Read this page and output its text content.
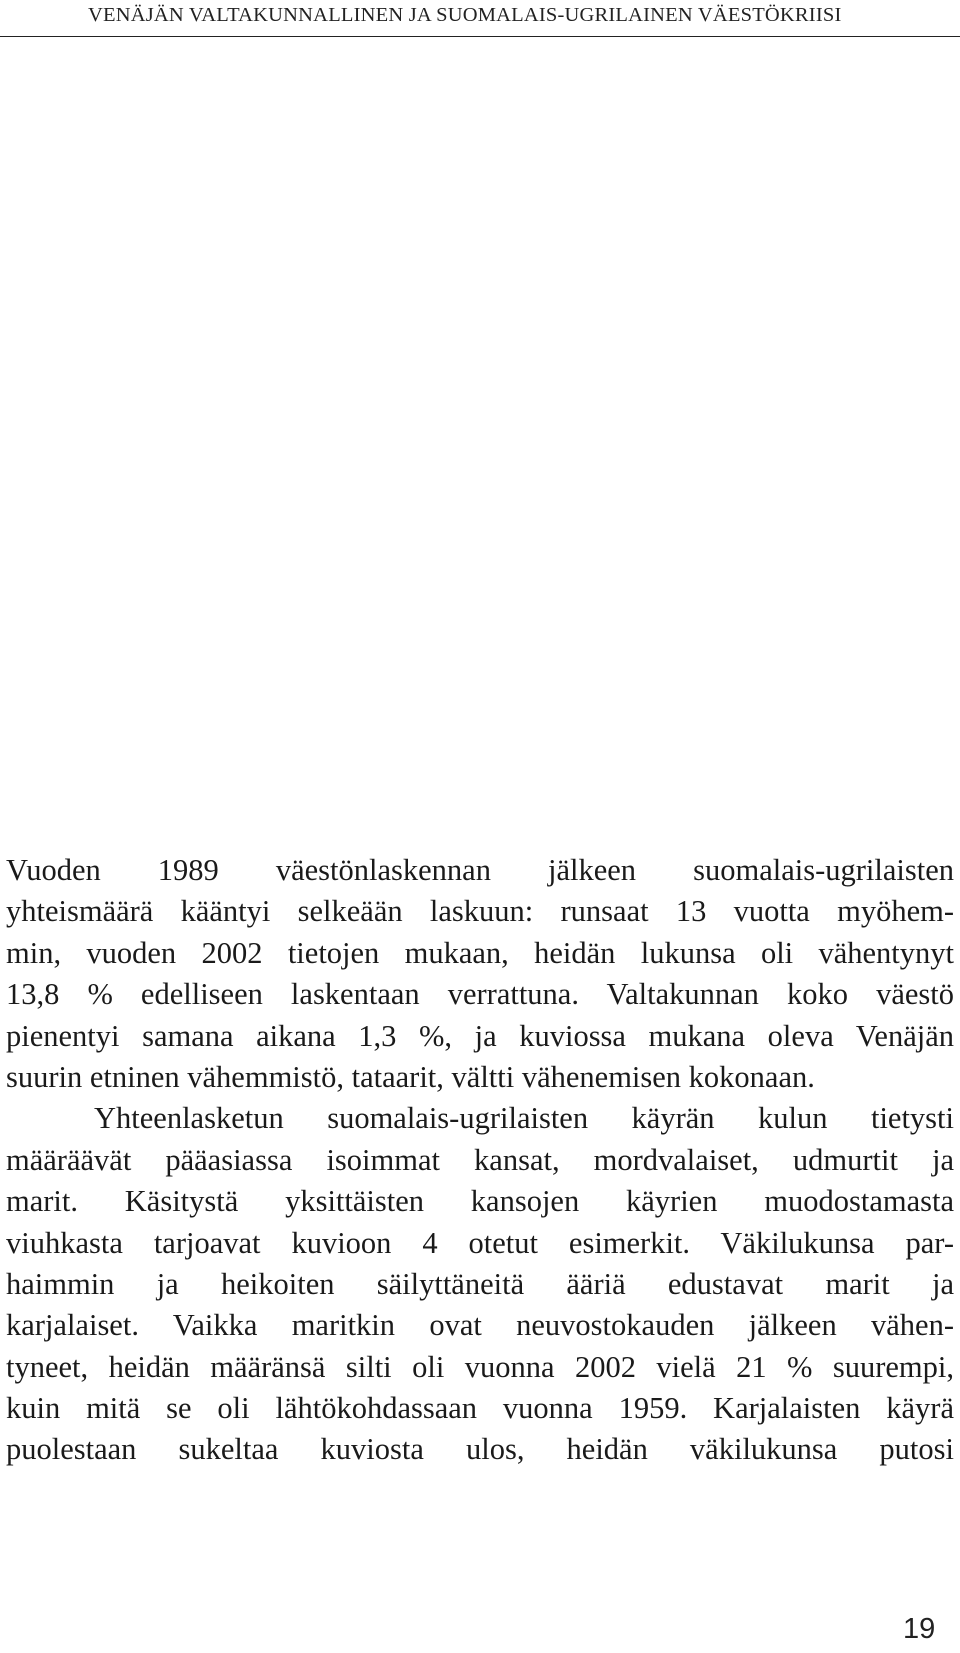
VENÄJÄN VALTAKUNNALLINEN JA SUOMALAIS-UGRILAINEN VÄESTÖKRIISI
Vuoden 1989 väestönlaskennan jälkeen suomalais-ugrilaisten
yhteismäärä kääntyi selkeään laskuun: runsaat 13 vuotta myöhem-
min, vuoden 2002 tietojen mukaan, heidän lukunsa oli vähentynyt
13,8 % edelliseen laskentaan verrattuna. Valtakunnan koko väestö
pienentyi samana aikana 1,3 %, ja kuviossa mukana oleva Venäjän
suurin etninen vähemmistö, tataarit, vältti vähenemisen kokonaan.
Yhteenlasketun suomalais-ugrilaisten käyrän kulun tietysti
määräävät pääasiassa isoimmat kansat, mordvalaiset, udmurtit ja
marit. Käsitystä yksittäisten kansojen käyrien muodostamasta
viuhkasta tarjoavat kuvioon 4 otetut esimerkit. Väkilukunsa par-
haimmin ja heikoiten säilyttäneitä ääriä edustavat marit ja
karjalaiset. Vaikka maritkin ovat neuvostokauden jälkeen vähen-
tyneet, heidän määränsä silti oli vuonna 2002 vielä 21 % suurempi,
kuin mitä se oli lähtökohdassaan vuonna 1959. Karjalaisten käyrä
puolestaan sukeltaa kuviosta ulos, heidän väkilukunsa putosi
19
